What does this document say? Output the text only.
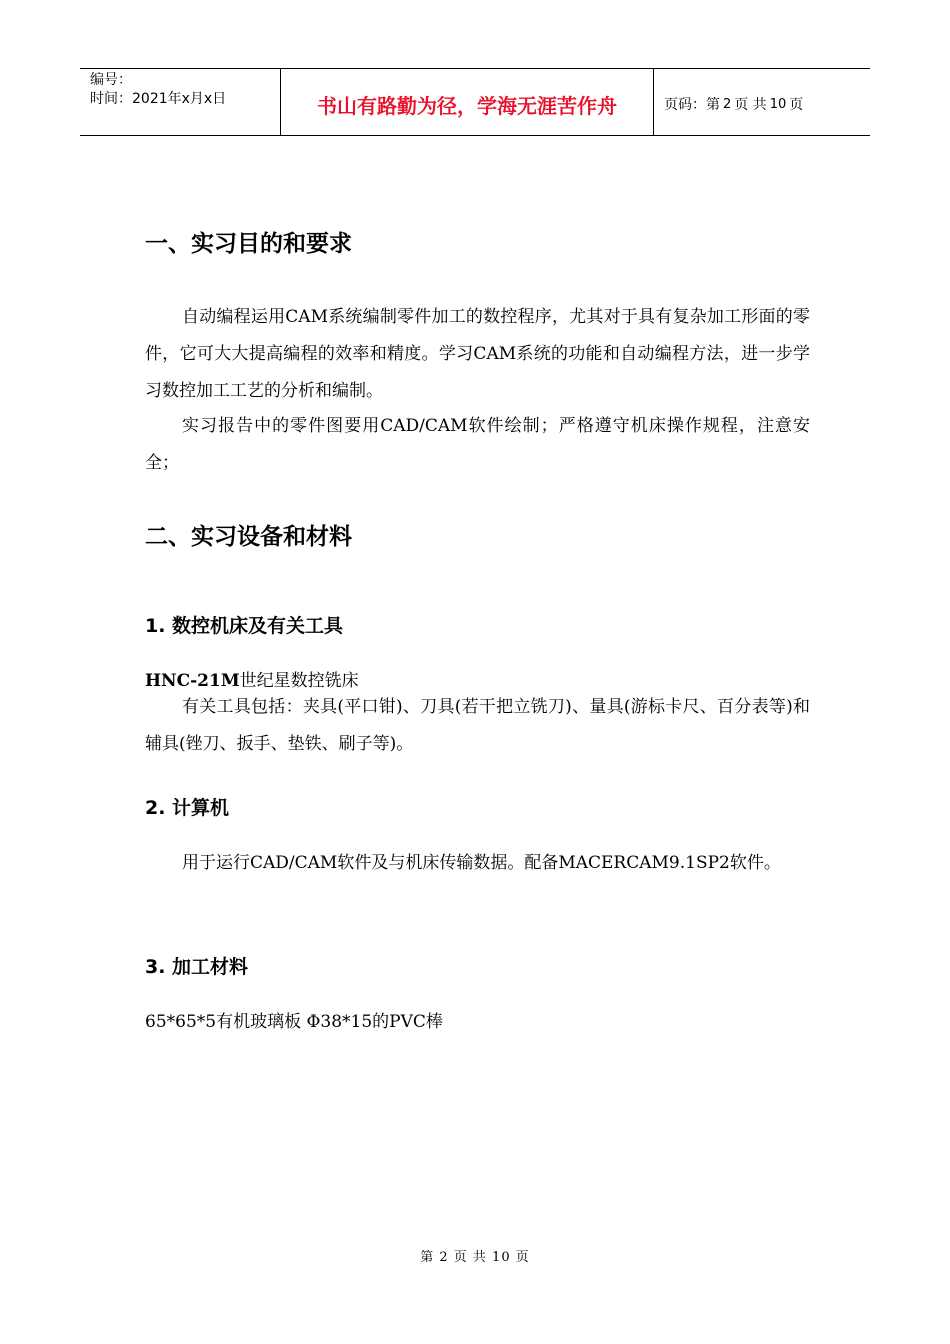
编号：
时间：2021年x月x日	书山有路勤为径，学海无涯苦作舟	页码：第 2 页 共 10 页
一、实习目的和要求

自动编程运用CAM系统编制零件加工的数控程序，尤其对于具有复杂加工形面的零件，它可大大提高编程的效率和精度。学习CAM系统的功能和自动编程方法，进一步学习数控加工工艺的分析和编制。

实习报告中的零件图要用CAD/CAM软件绘制；严格遵守机床操作规程，注意安全；

二、实习设备和材料
1. 数控机床及有关工具

HNC-21M世纪星数控铣床

有关工具包括：夹具(平口钳)、刀具(若干把立铣刀)、量具(游标卡尺、百分表等)和辅具(锉刀、扳手、垫铁、刷子等)。

2. 计算机

用于运行CAD/CAM软件及与机床传输数据。配备MACERCAM9.1SP2软件。

3. 加工材料

65*65*5有机玻璃板 Φ38*15的PVC棒

第 2 页 共 10 页
